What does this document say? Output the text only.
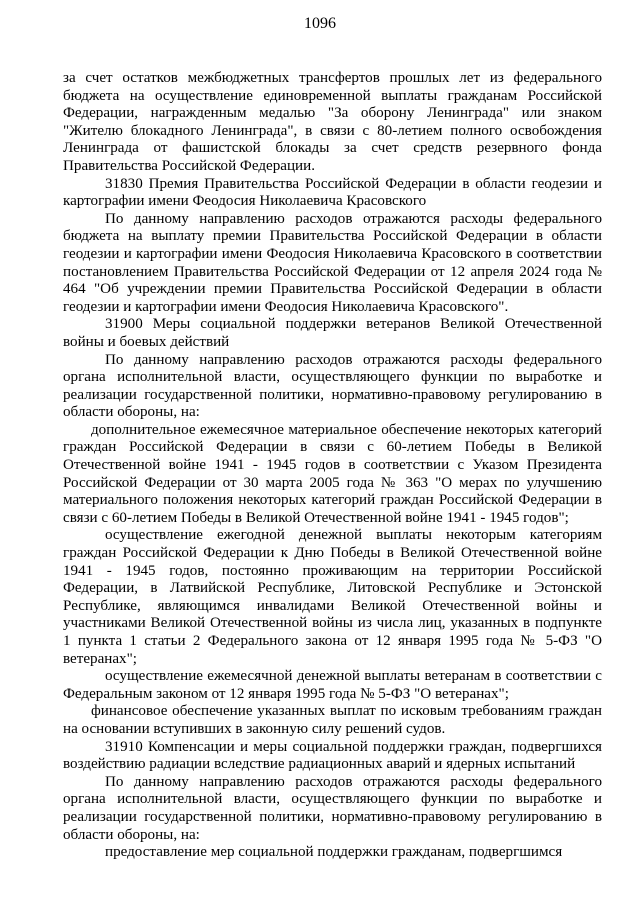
1096

за счет остатков межбюджетных трансфертов прошлых лет из федерального бюджета на осуществление единовременной выплаты гражданам Российской Федерации, награжденным медалью "За оборону Ленинграда" или знаком "Жителю блокадного Ленинграда", в связи с 80-летием полного освобождения Ленинграда от фашистской блокады за счет средств резервного фонда Правительства Российской Федерации.

31830 Премия Правительства Российской Федерации в области геодезии и картографии имени Феодосия Николаевича Красовского

По данному направлению расходов отражаются расходы федерального бюджета на выплату премии Правительства Российской Федерации в области геодезии и картографии имени Феодосия Николаевича Красовского в соответствии постановлением Правительства Российской Федерации от 12 апреля 2024 года № 464 "Об учреждении премии Правительства Российской Федерации в области геодезии и картографии имени Феодосия Николаевича Красовского".

31900 Меры социальной поддержки ветеранов Великой Отечественной войны и боевых действий

По данному направлению расходов отражаются расходы федерального органа исполнительной власти, осуществляющего функции по выработке и реализации государственной политики, нормативно-правовому регулированию в области обороны, на:

дополнительное ежемесячное материальное обеспечение некоторых категорий граждан Российской Федерации в связи с 60-летием Победы в Великой Отечественной войне 1941 - 1945 годов в соответствии с Указом Президента Российской Федерации от 30 марта 2005 года № 363 "О мерах по улучшению материального положения некоторых категорий граждан Российской Федерации в связи с 60-летием Победы в Великой Отечественной войне 1941 - 1945 годов";

осуществление ежегодной денежной выплаты некоторым категориям граждан Российской Федерации к Дню Победы в Великой Отечественной войне 1941 - 1945 годов, постоянно проживающим на территории Российской Федерации, в Латвийской Республике, Литовской Республике и Эстонской Республике, являющимся инвалидами Великой Отечественной войны и участниками Великой Отечественной войны из числа лиц, указанных в подпункте 1 пункта 1 статьи 2 Федерального закона от 12 января 1995 года № 5-ФЗ "О ветеранах";

осуществление ежемесячной денежной выплаты ветеранам в соответствии с Федеральным законом от 12 января 1995 года № 5-ФЗ "О ветеранах";

финансовое обеспечение указанных выплат по исковым требованиям граждан на основании вступивших в законную силу решений судов.

31910 Компенсации и меры социальной поддержки граждан, подвергшихся воздействию радиации вследствие радиационных аварий и ядерных испытаний

По данному направлению расходов отражаются расходы федерального органа исполнительной власти, осуществляющего функции по выработке и реализации государственной политики, нормативно-правовому регулированию в области обороны, на:

предоставление мер социальной поддержки гражданам, подвергшимся
